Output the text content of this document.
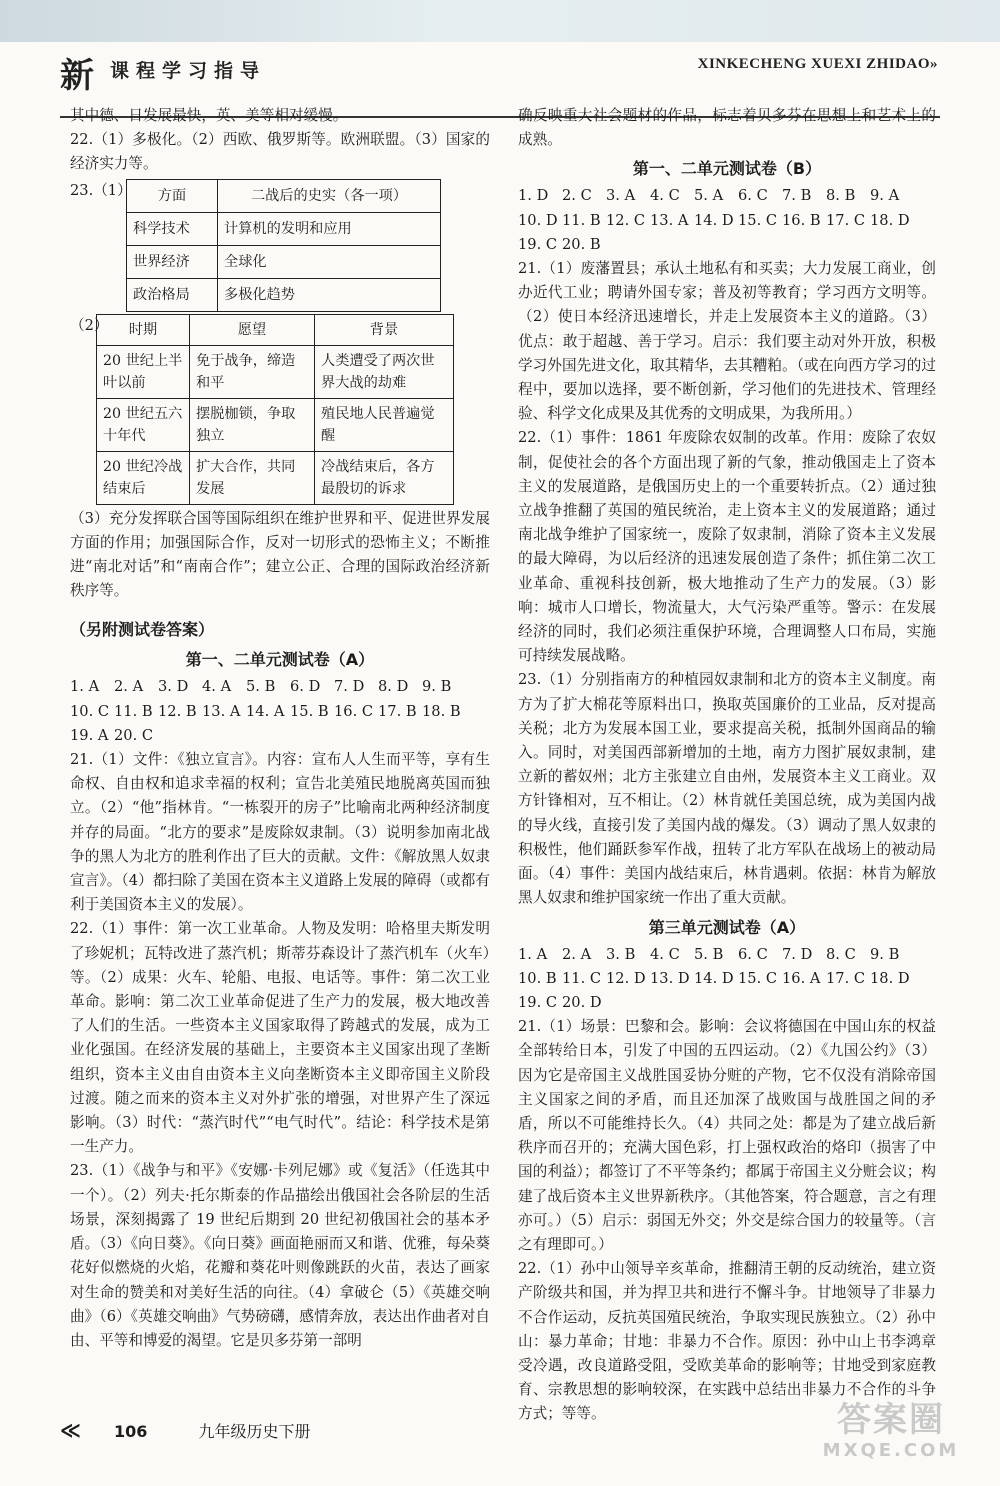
新 课程学习指导	XINKECHENG XUEXI ZHIDAO»

其中德、日发展最快，英、美等相对缓慢。

22.（1）多极化。（2）西欧、俄罗斯等。欧洲联盟。（3）国家的经济实力等。

23.（1） 方面	二战后的史实（各一项）
科学技术	计算机的发明和应用
世界经济	全球化
政治格局	多极化趋势
（2）	时期	愿望	背景
20 世纪上半叶以前	免于战争，缔造和平	人类遭受了两次世界大战的劫难
20 世纪五六十年代	摆脱枷锁，争取独立	殖民地人民普遍觉醒
20 世纪冷战结束后	扩大合作，共同发展	冷战结束后，各方最殷切的诉求

（3）充分发挥联合国等国际组织在维护世界和平、促进世界发展方面的作用；加强国际合作，反对一切形式的恐怖主义；不断推进“南北对话”和“南南合作”；建立公正、合理的国际政治经济新秩序等。

（另附测试卷答案）
第一、二单元测试卷（A）
1. A	2. A	3. D 4. A	5. B	6. D 7. D 8. D 9. B
10. C 11. B 12. B 13. A 14. A 15. B 16. C 17. B 18. B
19. A 20. C

21.（1）文件：《独立宣言》。内容：宣布人人生而平等，享有生命权、自由权和追求幸福的权利；宣告北美殖民地脱离英国而独立。（2）“他”指林肯。“一栋裂开的房子”比喻南北两种经济制度并存的局面。“北方的要求”是废除奴隶制。（3）说明参加南北战争的黑人为北方的胜利作出了巨大的贡献。文件：《解放黑人奴隶宣言》。（4）都扫除了美国在资本主义道路上发展的障碍（或都有利于美国资本主义的发展）。

22.（1）事件：第一次工业革命。人物及发明：哈格里夫斯发明了珍妮机；瓦特改进了蒸汽机；斯蒂芬森设计了蒸汽机车（火车）等。（2）成果：火车、轮船、电报、电话等。事件：第二次工业革命。影响：第二次工业革命促进了生产力的发展，极大地改善了人们的生活。一些资本主义国家取得了跨越式的发展，成为工业化强国。在经济发展的基础上，主要资本主义国家出现了垄断组织，资本主义由自由资本主义向垄断资本主义即帝国主义阶段过渡。随之而来的资本主义对外扩张的增强，对世界产生了深远影响。（3）时代：“蒸汽时代”“电气时代”。结论：科学技术是第一生产力。

23.（1）《战争与和平》《安娜·卡列尼娜》或《复活》（任选其中一个）。（2）列夫·托尔斯泰的作品描绘出俄国社会各阶层的生活场景，深刻揭露了 19 世纪后期到 20 世纪初俄国社会的基本矛盾。（3）《向日葵》。《向日葵》画面艳丽而又和谐、优雅，每朵葵花好似燃烧的火焰，花瓣和葵花叶则像跳跃的火苗，表达了画家对生命的赞美和对美好生活的向往。（4）拿破仑（5）《英雄交响曲》（6）《英雄交响曲》气势磅礴，感情奔放，表达出作曲者对自由、平等和博爱的渴望。它是贝多芬第一部明

确反映重大社会题材的作品，标志着贝多芬在思想上和艺术上的成熟。

第一、二单元测试卷（B）
1. D 2. C 3. A	4. C 5. A	6. C 7. B	8. B	9. A
10. D 11. B 12. C 13. A 14. D 15. C 16. B 17. C 18. D
19. C 20. B

21.（1）废藩置县；承认土地私有和买卖；大力发展工商业，创办近代工业；聘请外国专家；普及初等教育；学习西方文明等。（2）使日本经济迅速增长，并走上发展资本主义的道路。（3）优点：敢于超越、善于学习。启示：我们要主动对外开放，积极学习外国先进文化，取其精华，去其糟粕。（或在向西方学习的过程中，要加以选择，要不断创新，学习他们的先进技术、管理经验、科学文化成果及其优秀的文明成果，为我所用。）

22.（1）事件：1861 年废除农奴制的改革。作用：废除了农奴制，促使社会的各个方面出现了新的气象，推动俄国走上了资本主义的发展道路，是俄国历史上的一个重要转折点。（2）通过独立战争推翻了英国的殖民统治，走上资本主义的发展道路；通过南北战争维护了国家统一，废除了奴隶制，消除了资本主义发展的最大障碍，为以后经济的迅速发展创造了条件；抓住第二次工业革命、重视科技创新，极大地推动了生产力的发展。（3）影响：城市人口增长，物流量大，大气污染严重等。警示：在发展经济的同时，我们必须注重保护环境，合理调整人口布局，实施可持续发展战略。

23.（1）分别指南方的种植园奴隶制和北方的资本主义制度。南方为了扩大棉花等原料出口，换取英国廉价的工业品，反对提高关税；北方为发展本国工业，要求提高关税，抵制外国商品的输入。同时，对美国西部新增加的土地，南方力图扩展奴隶制，建立新的蓄奴州；北方主张建立自由州，发展资本主义工商业。双方针锋相对，互不相让。（2）林肯就任美国总统，成为美国内战的导火线，直接引发了美国内战的爆发。（3）调动了黑人奴隶的积极性，他们踊跃参军作战，扭转了北方军队在战场上的被动局面。（4）事件：美国内战结束后，林肯遇刺。依据：林肯为解放黑人奴隶和维护国家统一作出了重大贡献。

第三单元测试卷（A）
1. A	2. A	3. B	4. C 5. B	6. C 7. D 8. C 9. B
10. B 11. C 12. D 13. D 14. D 15. C 16. A 17. C 18. D
19. C 20. D

21.（1）场景：巴黎和会。影响：会议将德国在中国山东的权益全部转给日本，引发了中国的五四运动。（2）《九国公约》（3）因为它是帝国主义战胜国妥协分赃的产物，它不仅没有消除帝国主义国家之间的矛盾，而且还加深了战败国与战胜国之间的矛盾，所以不可能维持长久。（4）共同之处：都是为了建立战后新秩序而召开的；充满大国色彩，打上强权政治的烙印（损害了中国的利益）；都签订了不平等条约；都属于帝国主义分赃会议；构建了战后资本主义世界新秩序。（其他答案，符合题意，言之有理亦可。）（5）启示：弱国无外交；外交是综合国力的较量等。（言之有理即可。）

22.（1）孙中山领导辛亥革命，推翻清王朝的反动统治，建立资产阶级共和国，并为捍卫共和进行不懈斗争。甘地领导了非暴力不合作运动，反抗英国殖民统治，争取实现民族独立。（2）孙中山：暴力革命；甘地：非暴力不合作。原因：孙中山上书李鸿章受冷遇，改良道路受阻，受欧美革命的影响等；甘地受到家庭教育、宗教思想的影响较深，在实践中总结出非暴力不合作的斗争方式；等等。

≪ 106	九年级历史下册	答案圈
MXQE.COM
